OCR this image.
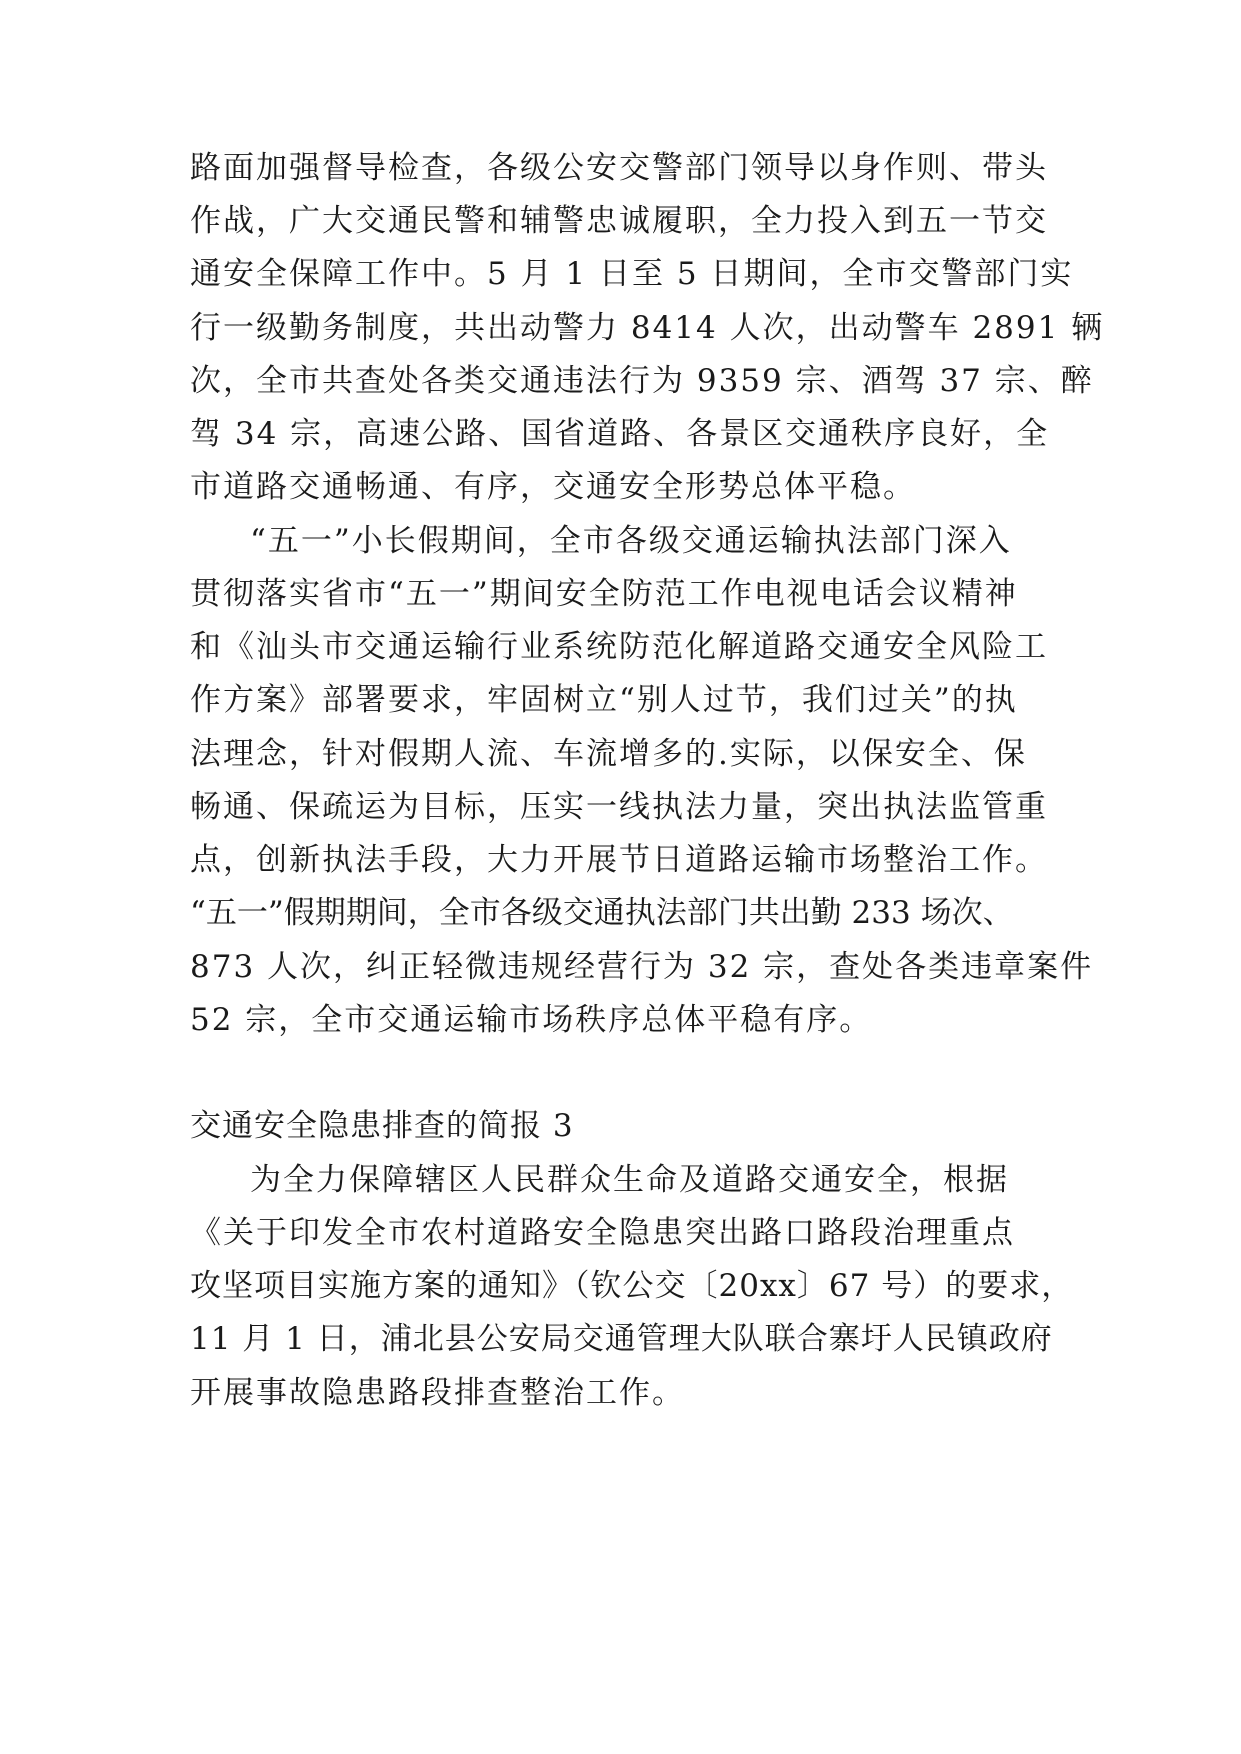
路面加强督导检查，各级公安交警部门领导以身作则、带头
作战，广大交通民警和辅警忠诚履职，全力投入到五一节交
通安全保障工作中。5 月 1 日至 5 日期间，全市交警部门实
行一级勤务制度，共出动警力 8414 人次，出动警车 2891 辆
次，全市共查处各类交通违法行为 9359 宗、酒驾 37 宗、醉
驾 34 宗，高速公路、国省道路、各景区交通秩序良好，全
市道路交通畅通、有序，交通安全形势总体平稳。
“五一”小长假期间，全市各级交通运输执法部门深入
贯彻落实省市“五一”期间安全防范工作电视电话会议精神
和《汕头市交通运输行业系统防范化解道路交通安全风险工
作方案》部署要求，牢固树立“别人过节，我们过关”的执
法理念，针对假期人流、车流增多的.实际，以保安全、保
畅通、保疏运为目标，压实一线执法力量，突出执法监管重
点，创新执法手段，大力开展节日道路运输市场整治工作。
“五一”假期期间，全市各级交通执法部门共出勤 233 场次、
873 人次，纠正轻微违规经营行为 32 宗，查处各类违章案件
52 宗，全市交通运输市场秩序总体平稳有序。
交通安全隐患排查的简报 3
为全力保障辖区人民群众生命及道路交通安全，根据
《关于印发全市农村道路安全隐患突出路口路段治理重点
攻坚项目实施方案的通知》（钦公交〔20xx〕67 号）的要求，
11 月 1 日，浦北县公安局交通管理大队联合寨圩人民镇政府
开展事故隐患路段排查整治工作。
